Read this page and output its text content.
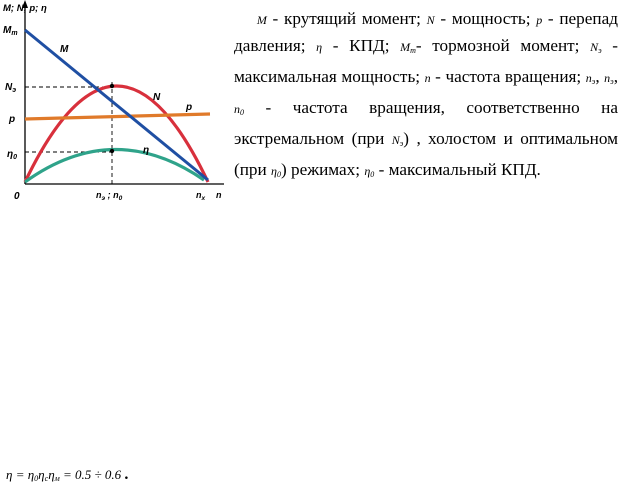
M; N; p; η
$M_т$
$N_э$
p
$\eta_0$
0	$n_э$ ; $n_0$	$n_x$ n
M
N
p
η
M - крутящий момент; N - мощность; p - перепад давления; η - КПД; $M_т-$ тормозной момент; $N_э$ - максимальная мощность; n - частота вращения; $n_э$, $n_э$, $n_0$ - частота вращения, соответственно на экстремальном (при $N_э$) , холостом и оптимальном (при $\eta_0$) режимах; $\eta_0$ - максимальный КПД.
$\eta = \eta_0\eta_c\eta_м = 0.5 \div 0.6$ .
